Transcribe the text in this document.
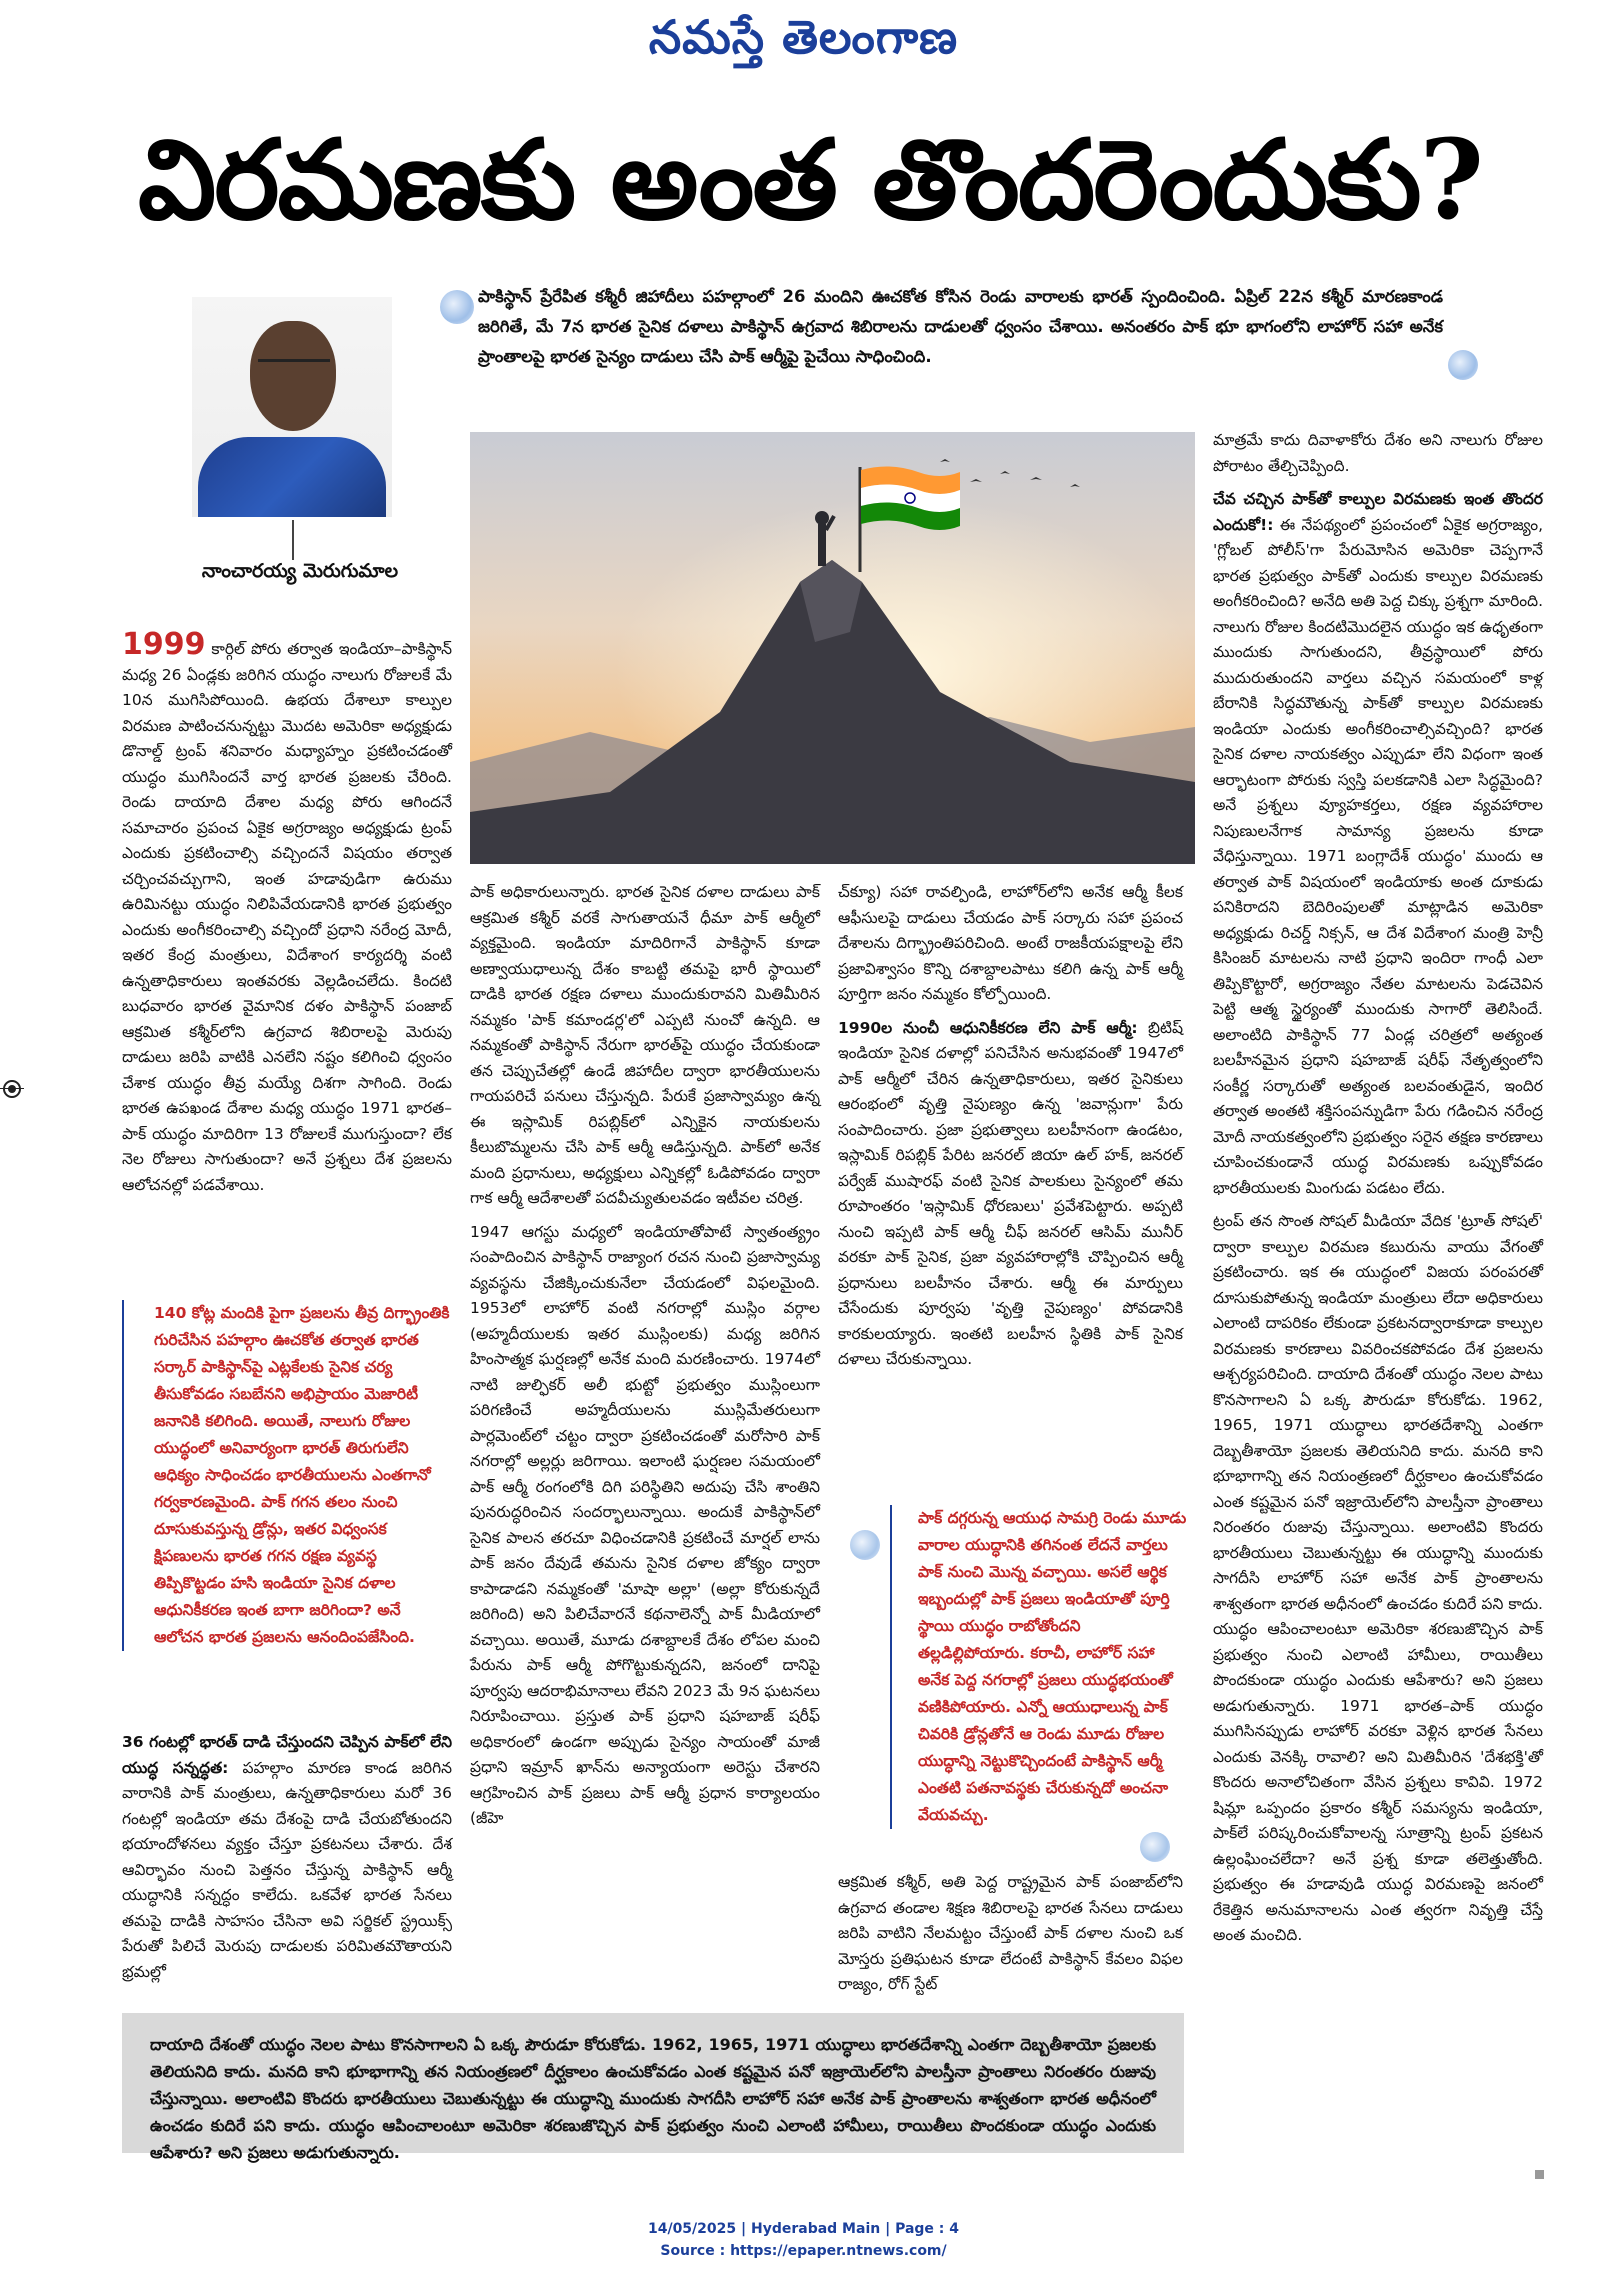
నమస్తే తెలంగాణ
విరమణకు అంత తొందరెందుకు?
పాకిస్థాన్ ప్రేరేపిత కశ్మీరీ జిహాదీలు పహల్గాంలో 26 మందిని ఊచకోత కోసిన రెండు వారాలకు భారత్ స్పందించింది. ఏప్రిల్ 22న కశ్మీర్ మారణకాండ జరిగితే, మే 7న భారత సైనిక దళాలు పాకిస్థాన్ ఉగ్రవాద శిబిరాలను దాడులతో ధ్వంసం చేశాయి. అనంతరం పాక్ భూ భాగంలోని లాహోర్ సహా అనేక ప్రాంతాలపై భారత సైన్యం దాడులు చేసి పాక్ ఆర్మీపై పైచేయి సాధించింది.
నాంచారయ్య మెరుగుమాల

1999 కార్గిల్ పోరు తర్వాత ఇండియా–పాకిస్థాన్ మధ్య 26 ఏండ్లకు జరిగిన యుద్ధం నాలుగు రోజులకే మే 10న ముగిసిపోయింది. ఉభయ దేశాలూ కాల్పుల విరమణ పాటించనున్నట్టు మొదట అమెరికా అధ్యక్షుడు డొనాల్డ్ ట్రంప్ శనివారం మధ్యాహ్నం ప్రకటించడంతో యుద్ధం ముగిసిందనే వార్త భారత ప్రజలకు చేరింది. రెండు దాయాది దేశాల మధ్య పోరు ఆగిందనే సమాచారం ప్రపంచ ఏకైక అగ్రరాజ్యం అధ్యక్షుడు ట్రంప్ ఎందుకు ప్రకటించాల్సి వచ్చిందనే విషయం తర్వాత చర్చించవచ్చుగాని, ఇంత హడావుడిగా ఉరుము ఉరిమినట్టు యుద్ధం నిలిపివేయడానికి భారత ప్రభుత్వం ఎందుకు అంగీకరించాల్సి వచ్చిందో ప్రధాని నరేంద్ర మోదీ, ఇతర కేంద్ర మంత్రులు, విదేశాంగ కార్యదర్శి వంటి ఉన్నతాధికారులు ఇంతవరకు వెల్లడించలేదు. కిందటి బుధవారం భారత వైమానిక దళం పాకిస్థాన్ పంజాబ్ ఆక్రమిత కశ్మీర్‌లోని ఉగ్రవాద శిబిరాలపై మెరుపు దాడులు జరిపి వాటికి ఎనలేని నష్టం కలిగించి ధ్వంసం చేశాక యుద్ధం తీవ్ర మయ్యే దిశగా సాగింది. రెండు భారత ఉపఖండ దేశాల మధ్య యుద్ధం 1971 భారత–పాక్ యుద్ధం మాదిరిగా 13 రోజులకే ముగుస్తుందా? లేక నెల రోజులు సాగుతుందా? అనే ప్రశ్నలు దేశ ప్రజలను ఆలోచనల్లో పడవేశాయి.

140 కోట్ల మందికి పైగా ప్రజలను తీవ్ర దిగ్భ్రాంతికి గురిచేసిన పహల్గాం ఊచకోత తర్వాత భారత సర్కార్ పాకిస్థాన్‌పై ఎట్లకేలకు సైనిక చర్య తీసుకోవడం సబబేనని అభిప్రాయం మెజారిటీ జనానికి కలిగింది. అయితే, నాలుగు రోజుల యుద్ధంలో అనివార్యంగా భారత్ తిరుగులేని ఆధిక్యం సాధించడం భారతీయులను ఎంతగానో గర్వకారణమైంది. పాక్ గగన తలం నుంచి దూసుకువస్తున్న డ్రోన్లు, ఇతర విధ్వంసక క్షిపణులను భారత గగన రక్షణ వ్యవస్థ తిప్పికొట్టడం హసి ఇండియా సైనిక దళాల ఆధునికీకరణ ఇంత బాగా జరిగిందా? అనే ఆలోచన భారత ప్రజలను ఆనందింపజేసింది.

36 గంటల్లో భారత్ దాడి చేస్తుందని చెప్పిన పాక్‌లో లేని యుద్ధ సన్నద్ధత: పహల్గాం మారణ కాండ జరిగిన వారానికి పాక్ మంత్రులు, ఉన్నతాధికారులు మరో 36 గంటల్లో ఇండియా తమ దేశంపై దాడి చేయబోతుందని భయాందోళనలు వ్యక్తం చేస్తూ ప్రకటనలు చేశారు. దేశ ఆవిర్భావం నుంచి పెత్తనం చేస్తున్న పాకిస్థాన్ ఆర్మీ యుద్ధానికి సన్నద్ధం కాలేదు. ఒకవేళ భారత సేనలు తమపై దాడికి సాహసం చేసినా అవి సర్జికల్ స్ట్రయిక్స్ పేరుతో పిలిచే మెరుపు దాడులకు పరిమితమౌతాయని భ్రమల్లో

పాక్ అధికారులున్నారు. భారత సైనిక దళాల దాడులు పాక్ ఆక్రమిత కశ్మీర్ వరకే సాగుతాయనే ధీమా పాక్ ఆర్మీలో వ్యక్తమైంది. ఇండియా మాదిరిగానే పాకిస్థాన్ కూడా అణ్వాయుధాలున్న దేశం కాబట్టి తమపై భారీ స్థాయిలో దాడికి భారత రక్షణ దళాలు ముందుకురావని మితిమీరిన నమ్మకం 'పాక్ కమాండర్ల'లో ఎప్పటి నుంచో ఉన్నది. ఆ నమ్మకంతో పాకిస్థాన్ నేరుగా భారత్‌పై యుద్ధం చేయకుండా తన చెప్పుచేతల్లో ఉండే జిహాదీల ద్వారా భారతీయులను గాయపరిచే పనులు చేస్తున్నది. పేరుకే ప్రజాస్వామ్యం ఉన్న ఈ ఇస్లామిక్ రిపబ్లిక్‌లో ఎన్నికైన నాయకులను కీలుబొమ్మలను చేసి పాక్ ఆర్మీ ఆడిస్తున్నది. పాక్‌లో అనేక మంది ప్రధానులు, అధ్యక్షులు ఎన్నికల్లో ఓడిపోవడం ద్వారా గాక ఆర్మీ ఆదేశాలతో పదవీచ్యుతులవడం ఇటీవల చరిత్ర.

1947 ఆగస్టు మధ్యలో ఇండియాతోపాటే స్వాతంత్య్రం సంపాదించిన పాకిస్థాన్ రాజ్యాంగ రచన నుంచి ప్రజాస్వామ్య వ్యవస్థను చేజిక్కించుకునేలా చేయడంలో విఫలమైంది. 1953లో లాహోర్ వంటి నగరాల్లో ముస్లిం వర్గాల (అహ్మదీయులకు ఇతర ముస్లింలకు) మధ్య జరిగిన హింసాత్మక ఘర్షణల్లో అనేక మంది మరణించారు. 1974లో నాటి జుల్ఫికర్ అలీ భుట్టో ప్రభుత్వం ముస్లింలుగా పరిగణించే అహ్మదీయులను ముస్లిమేతరులుగా పార్లమెంట్‌లో చట్టం ద్వారా ప్రకటించడంతో మరోసారి పాక్ నగరాల్లో అల్లర్లు జరిగాయి. ఇలాంటి ఘర్షణల సమయంలో పాక్ ఆర్మీ రంగంలోకి దిగి పరిస్థితిని అదుపు చేసి శాంతిని పునరుద్ధరించిన సందర్భాలున్నాయి. అందుకే పాకిస్థాన్‌లో సైనిక పాలన తరచూ విధించడానికి ప్రకటించే మార్షల్ లాను పాక్ జనం దేవుడే తమను సైనిక దళాల జోక్యం ద్వారా కాపాడాడని నమ్మకంతో 'మాషా అల్లా' (అల్లా కోరుకున్నదే జరిగింది) అని పిలిచేవారనే కథనాలెన్నో పాక్ మీడియాలో వచ్చాయి. అయితే, మూడు దశాబ్దాలకే దేశం లోపల మంచి పేరును పాక్ ఆర్మీ పోగొట్టుకున్నదని, జనంలో దానిపై పూర్వపు ఆదరాభిమానాలు లేవని 2023 మే 9న ఘటనలు నిరూపించాయి. ప్రస్తుత పాక్ ప్రధాని షహబాజ్ షరీఫ్ అధికారంలో ఉండగా అప్పుడు సైన్యం సాయంతో మాజీ ప్రధాని ఇమ్రాన్ ఖాన్‌ను అన్యాయంగా అరెస్టు చేశారని ఆగ్రహించిన పాక్ ప్రజలు పాక్ ఆర్మీ ప్రధాన కార్యాలయం (జీహె

చ్‌క్యూ) సహా రావల్పిండి, లాహోర్‌లోని అనేక ఆర్మీ కీలక ఆఫీసులపై దాడులు చేయడం పాక్ సర్కారు సహా ప్రపంచ దేశాలను దిగ్భ్రాంతిపరిచింది. అంటే రాజకీయపక్షాలపై లేని ప్రజావిశ్వాసం కొన్ని దశాబ్దాలపాటు కలిగి ఉన్న పాక్ ఆర్మీ పూర్తిగా జనం నమ్మకం కోల్పోయింది.

1990ల నుంచీ ఆధునికీకరణ లేని పాక్ ఆర్మీ: బ్రిటిష్ ఇండియా సైనిక దళాల్లో పనిచేసిన అనుభవంతో 1947లో పాక్ ఆర్మీలో చేరిన ఉన్నతాధికారులు, ఇతర సైనికులు ఆరంభంలో వృత్తి నైపుణ్యం ఉన్న 'జవాన్లుగా' పేరు సంపాదించారు. ప్రజా ప్రభుత్వాలు బలహీనంగా ఉండటం, ఇస్లామిక్ రిపబ్లిక్ పేరిట జనరల్ జియా ఉల్ హక్, జనరల్ పర్వేజ్ ముషారఫ్ వంటి సైనిక పాలకులు సైన్యంలో తమ రూపాంతరం 'ఇస్లామిక్ ధోరణులు' ప్రవేశపెట్టారు. అప్పటి నుంచి ఇప్పటి పాక్ ఆర్మీ చీఫ్ జనరల్ ఆసిమ్ మునీర్ వరకూ పాక్ సైనిక, ప్రజా వ్యవహారాల్లోకి చొప్పించిన ఆర్మీ ప్రధానులు బలహీనం చేశారు. ఆర్మీ ఈ మార్పులు చేసేందుకు పూర్వపు 'వృత్తి నైపుణ్యం' పోవడానికి కారకులయ్యారు. ఇంతటి బలహీన స్థితికి పాక్ సైనిక దళాలు చేరుకున్నాయి.

పాక్ దగ్గరున్న ఆయుధ సామగ్రి రెండు మూడు వారాల యుద్ధానికి తగినంత లేదనే వార్తలు పాక్ నుంచి మొన్న వచ్చాయి. అసలే ఆర్థిక ఇబ్బందుల్లో పాక్ ప్రజలు ఇండియాతో పూర్తి స్థాయి యుద్ధం రాబోతోందని తల్లడిల్లిపోయారు. కరాచీ, లాహోర్ సహా అనేక పెద్ద నగరాల్లో ప్రజలు యుద్ధభయంతో వణికిపోయారు. ఎన్నో ఆయుధాలున్న పాక్ చివరికి డ్రోన్లతోనే ఆ రెండు మూడు రోజుల యుద్ధాన్ని నెట్టుకొచ్చిందంటే పాకిస్థాన్ ఆర్మీ ఎంతటి పతనావస్థకు చేరుకున్నదో అంచనా వేయవచ్చు.

ఆక్రమిత కశ్మీర్, అతి పెద్ద రాష్ట్రమైన పాక్ పంజాబ్‌లోని ఉగ్రవాద తండాల శిక్షణ శిబిరాలపై భారత సేనలు దాడులు జరిపి వాటిని నేలమట్టం చేస్తుంటే పాక్ దళాల నుంచి ఒక మోస్తరు ప్రతిఘటన కూడా లేదంటే పాకిస్థాన్ కేవలం విఫల రాజ్యం, రోగ్ స్టేట్

మాత్రమే కాదు దివాళాకోరు దేశం అని నాలుగు రోజుల పోరాటం తేల్చిచెప్పింది.

చేవ చచ్చిన పాక్‌తో కాల్పుల విరమణకు ఇంత తొందర ఎందుకో!: ఈ నేపథ్యంలో ప్రపంచంలో ఏకైక అగ్రరాజ్యం, 'గ్లోబల్ పోలీస్'గా పేరుమోసిన అమెరికా చెప్పగానే భారత ప్రభుత్వం పాక్‌తో ఎందుకు కాల్పుల విరమణకు అంగీకరించింది? అనేది అతి పెద్ద చిక్కు ప్రశ్నగా మారింది. నాలుగు రోజుల కిందటిమొదలైన యుద్ధం ఇక ఉధృతంగా ముందుకు సాగుతుందని, తీవ్రస్థాయిలో పోరు ముదురుతుందని వార్తలు వచ్చిన సమయంలో కాళ్ల బేరానికి సిద్ధమౌతున్న పాక్‌తో కాల్పుల విరమణకు ఇండియా ఎందుకు అంగీకరించాల్సివచ్చింది? భారత సైనిక దళాల నాయకత్వం ఎప్పుడూ లేని విధంగా ఇంత ఆర్భాటంగా పోరుకు స్వస్తి పలకడానికి ఎలా సిద్ధమైంది? అనే ప్రశ్నలు వ్యూహకర్తలు, రక్షణ వ్యవహారాల నిపుణులనేగాక సామాన్య ప్రజలను కూడా వేధిస్తున్నాయి. 1971 బంగ్లాదేశ్ యుద్ధం' ముందు ఆ తర్వాత పాక్ విషయంలో ఇండియాకు అంత దూకుడు పనికిరాదని బెదిరింపులతో మాట్లాడిన అమెరికా అధ్యక్షుడు రిచర్డ్ నిక్సన్, ఆ దేశ విదేశాంగ మంత్రి హెన్రీ కిసింజర్ మాటలను నాటి ప్రధాని ఇందిరా గాంధీ ఎలా తిప్పికొట్టారో, అగ్రరాజ్యం నేతల మాటలను పెడచెవిన పెట్టి ఆత్మ స్థైర్యంతో ముందుకు సాగారో తెలిసిందే. అలాంటిది పాకిస్థాన్ 77 ఏండ్ల చరిత్రలో అత్యంత బలహీనమైన ప్రధాని షహబాజ్ షరీఫ్ నేతృత్వంలోని సంకీర్ణ సర్కారుతో అత్యంత బలవంతుడైన, ఇందిర తర్వాత అంతటి శక్తిసంపన్నుడిగా పేరు గడించిన నరేంద్ర మోదీ నాయకత్వంలోని ప్రభుత్వం సరైన తక్షణ కారణాలు చూపించకుండానే యుద్ధ విరమణకు ఒప్పుకోవడం భారతీయులకు మింగుడు పడటం లేదు.

ట్రంప్ తన సొంత సోషల్ మీడియా వేదిక 'ట్రూత్ సోషల్' ద్వారా కాల్పుల విరమణ కబురును వాయు వేగంతో ప్రకటించారు. ఇక ఈ యుద్ధంలో విజయ పరంపరతో దూసుకుపోతున్న ఇండియా మంత్రులు లేదా అధికారులు ఎలాంటి దాపరికం లేకుండా ప్రకటనద్వారాకూడా కాల్పుల విరమణకు కారణాలు వివరించకపోవడం దేశ ప్రజలను ఆశ్చర్యపరిచింది. దాయాది దేశంతో యుద్ధం నెలల పాటు కొనసాగాలని ఏ ఒక్క పౌరుడూ కోరుకోడు. 1962, 1965, 1971 యుద్ధాలు భారతదేశాన్ని ఎంతగా దెబ్బతీశాయో ప్రజలకు తెలియనిది కాదు. మనది కాని భూభాగాన్ని తన నియంత్రణలో దీర్ఘకాలం ఉంచుకోవడం ఎంత కష్టమైన పనో ఇజ్రాయెల్‌లోని పాలస్తీనా ప్రాంతాలు నిరంతరం రుజువు చేస్తున్నాయి. అలాంటివి కొందరు భారతీయులు చెబుతున్నట్టు ఈ యుద్ధాన్ని ముందుకు సాగదీసి లాహోర్ సహా అనేక పాక్ ప్రాంతాలను శాశ్వతంగా భారత అధీనంలో ఉంచడం కుదిరే పని కాదు. యుద్ధం ఆపించాలంటూ అమెరికా శరణుజొచ్చిన పాక్ ప్రభుత్వం నుంచి ఎలాంటి హామీలు, రాయితీలు పొందకుండా యుద్ధం ఎందుకు ఆపేశారు? అని ప్రజలు అడుగుతున్నారు. 1971 భారత–పాక్ యుద్ధం ముగిసినప్పుడు లాహోర్ వరకూ వెళ్లిన భారత సేనలు ఎందుకు వెనక్కి రావాలి? అని మితిమీరిన 'దేశభక్తి'తో కొందరు అనాలోచితంగా వేసిన ప్రశ్నలు కావివి. 1972 షిమ్లా ఒప్పందం ప్రకారం కశ్మీర్ సమస్యను ఇండియా, పాక్‌లే పరిష్కరించుకోవాలన్న సూత్రాన్ని ట్రంప్ ప్రకటన ఉల్లంఘించలేదా? అనే ప్రశ్న కూడా తలెత్తుతోంది. ప్రభుత్వం ఈ హడావుడి యుద్ధ విరమణపై జనంలో రేకెత్తిన అనుమానాలను ఎంత త్వరగా నివృత్తి చేస్తే అంత మంచిది.

దాయాది దేశంతో యుద్ధం నెలల పాటు కొనసాగాలని ఏ ఒక్క పౌరుడూ కోరుకోడు. 1962, 1965, 1971 యుద్ధాలు భారతదేశాన్ని ఎంతగా దెబ్బతీశాయో ప్రజలకు తెలియనిది కాదు. మనది కాని భూభాగాన్ని తన నియంత్రణలో దీర్ఘకాలం ఉంచుకోవడం ఎంత కష్టమైన పనో ఇజ్రాయెల్‌లోని పాలస్తీనా ప్రాంతాలు నిరంతరం రుజువు చేస్తున్నాయి. అలాంటివి కొందరు భారతీయులు చెబుతున్నట్టు ఈ యుద్ధాన్ని ముందుకు సాగదీసి లాహోర్ సహా అనేక పాక్ ప్రాంతాలను శాశ్వతంగా భారత అధీనంలో ఉంచడం కుదిరే పని కాదు. యుద్ధం ఆపించాలంటూ అమెరికా శరణుజొచ్చిన పాక్ ప్రభుత్వం నుంచి ఎలాంటి హామీలు, రాయితీలు పొందకుండా యుద్ధం ఎందుకు ఆపేశారు? అని ప్రజలు అడుగుతున్నారు.
14/05/2025 | Hyderabad Main | Page : 4
Source : https://epaper.ntnews.com/
